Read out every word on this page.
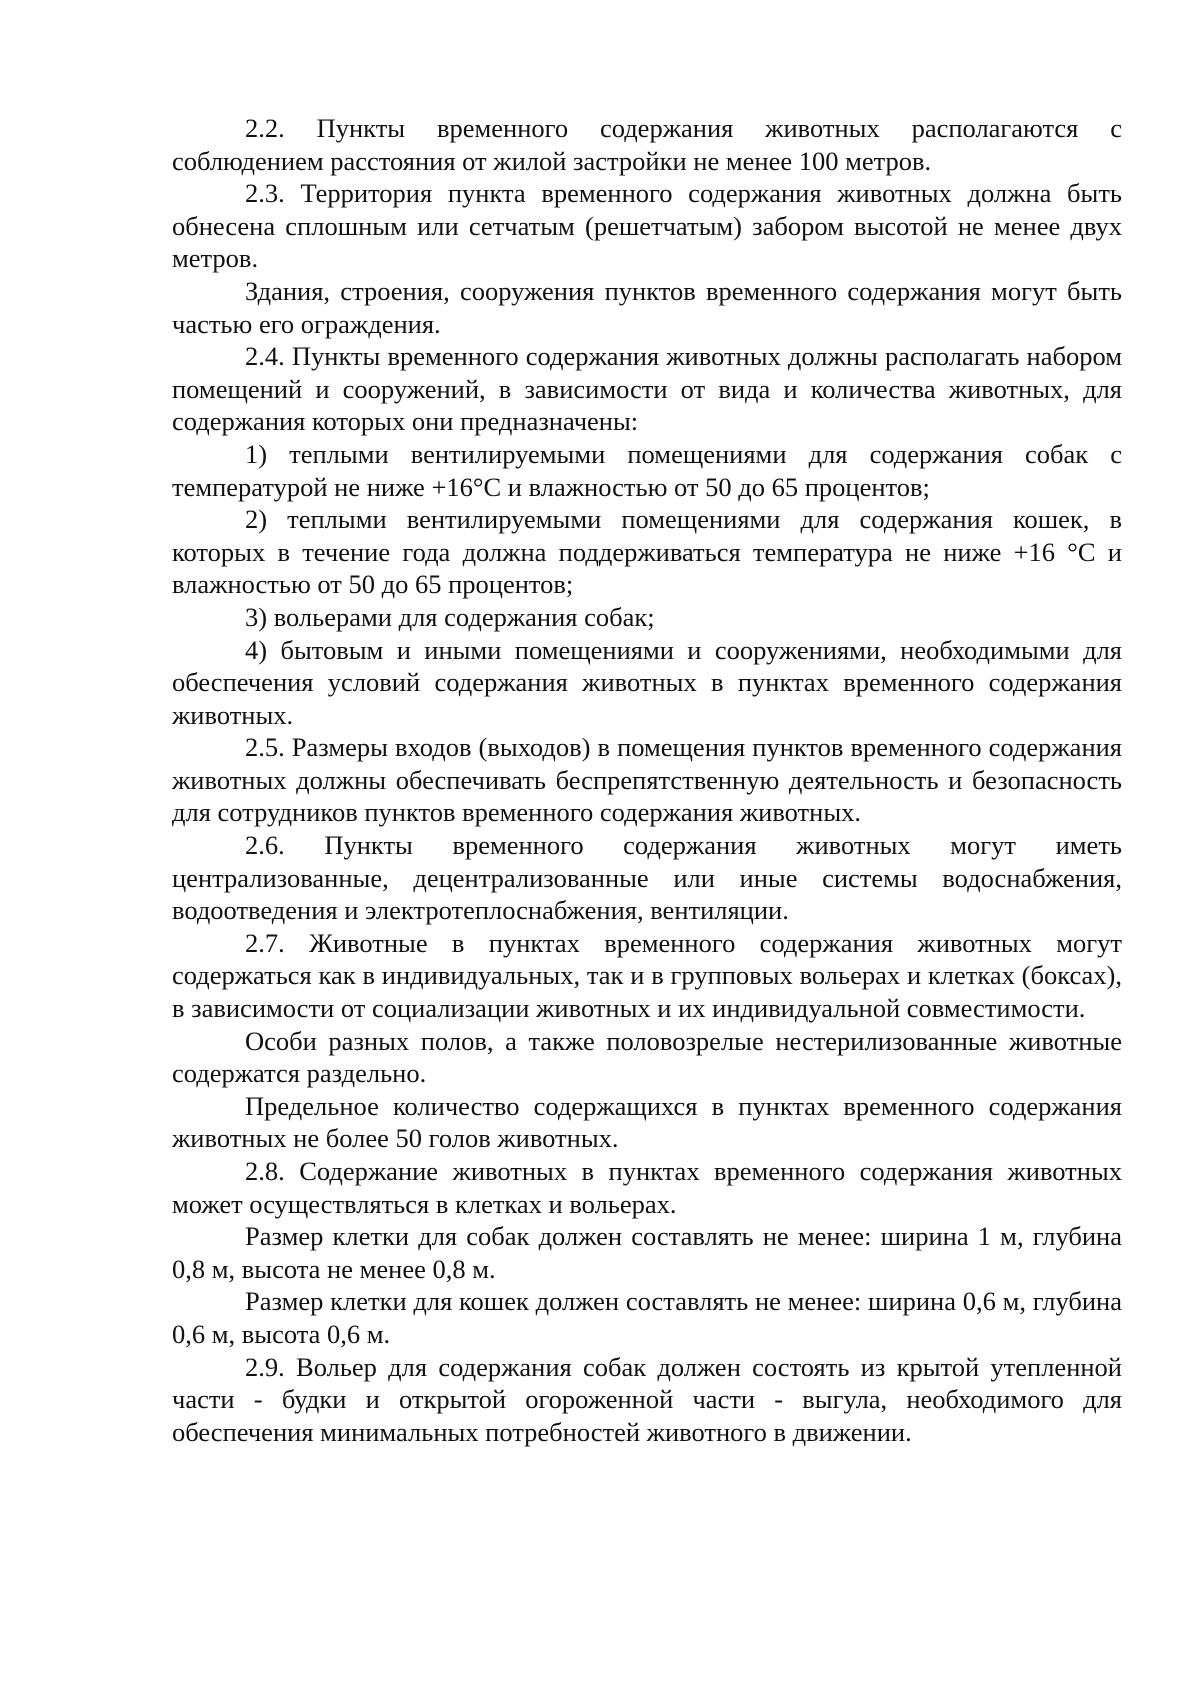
2.2. Пункты временного содержания животных располагаются с соблюдением расстояния от жилой застройки не менее 100 метров.

2.3. Территория пункта временного содержания животных должна быть обнесена сплошным или сетчатым (решетчатым) забором высотой не менее двух метров.

Здания, строения, сооружения пунктов временного содержания могут быть частью его ограждения.

2.4. Пункты временного содержания животных должны располагать набором помещений и сооружений, в зависимости от вида и количества животных, для содержания которых они предназначены:

1) теплыми вентилируемыми помещениями для содержания собак с температурой не ниже +16°С и влажностью от 50 до 65 процентов;

2) теплыми вентилируемыми помещениями для содержания кошек, в которых в течение года должна поддерживаться температура не ниже +16 °С и влажностью от 50 до 65 процентов;

3) вольерами для содержания собак;

4) бытовым и иными помещениями и сооружениями, необходимыми для обеспечения условий содержания животных в пунктах временного содержания животных.

2.5. Размеры входов (выходов) в помещения пунктов временного содержания животных должны обеспечивать беспрепятственную деятельность и безопасность для сотрудников пунктов временного содержания животных.

2.6. Пункты временного содержания животных могут иметь централизованные, децентрализованные или иные системы водоснабжения, водоотведения и электротеплоснабжения, вентиляции.

2.7. Животные в пунктах временного содержания животных могут содержаться как в индивидуальных, так и в групповых вольерах и клетках (боксах), в зависимости от социализации животных и их индивидуальной совместимости.

Особи разных полов, а также половозрелые нестерилизованные животные содержатся раздельно.

Предельное количество содержащихся в пунктах временного содержания животных не более 50 голов животных.

2.8. Содержание животных в пунктах временного содержания животных может осуществляться в клетках и вольерах.

Размер клетки для собак должен составлять не менее: ширина 1 м, глубина 0,8 м, высота не менее 0,8 м.

Размер клетки для кошек должен составлять не менее: ширина 0,6 м, глубина 0,6 м, высота 0,6 м.

2.9. Вольер для содержания собак должен состоять из крытой утепленной части - будки и открытой огороженной части - выгула, необходимого для обеспечения минимальных потребностей животного в движении.
